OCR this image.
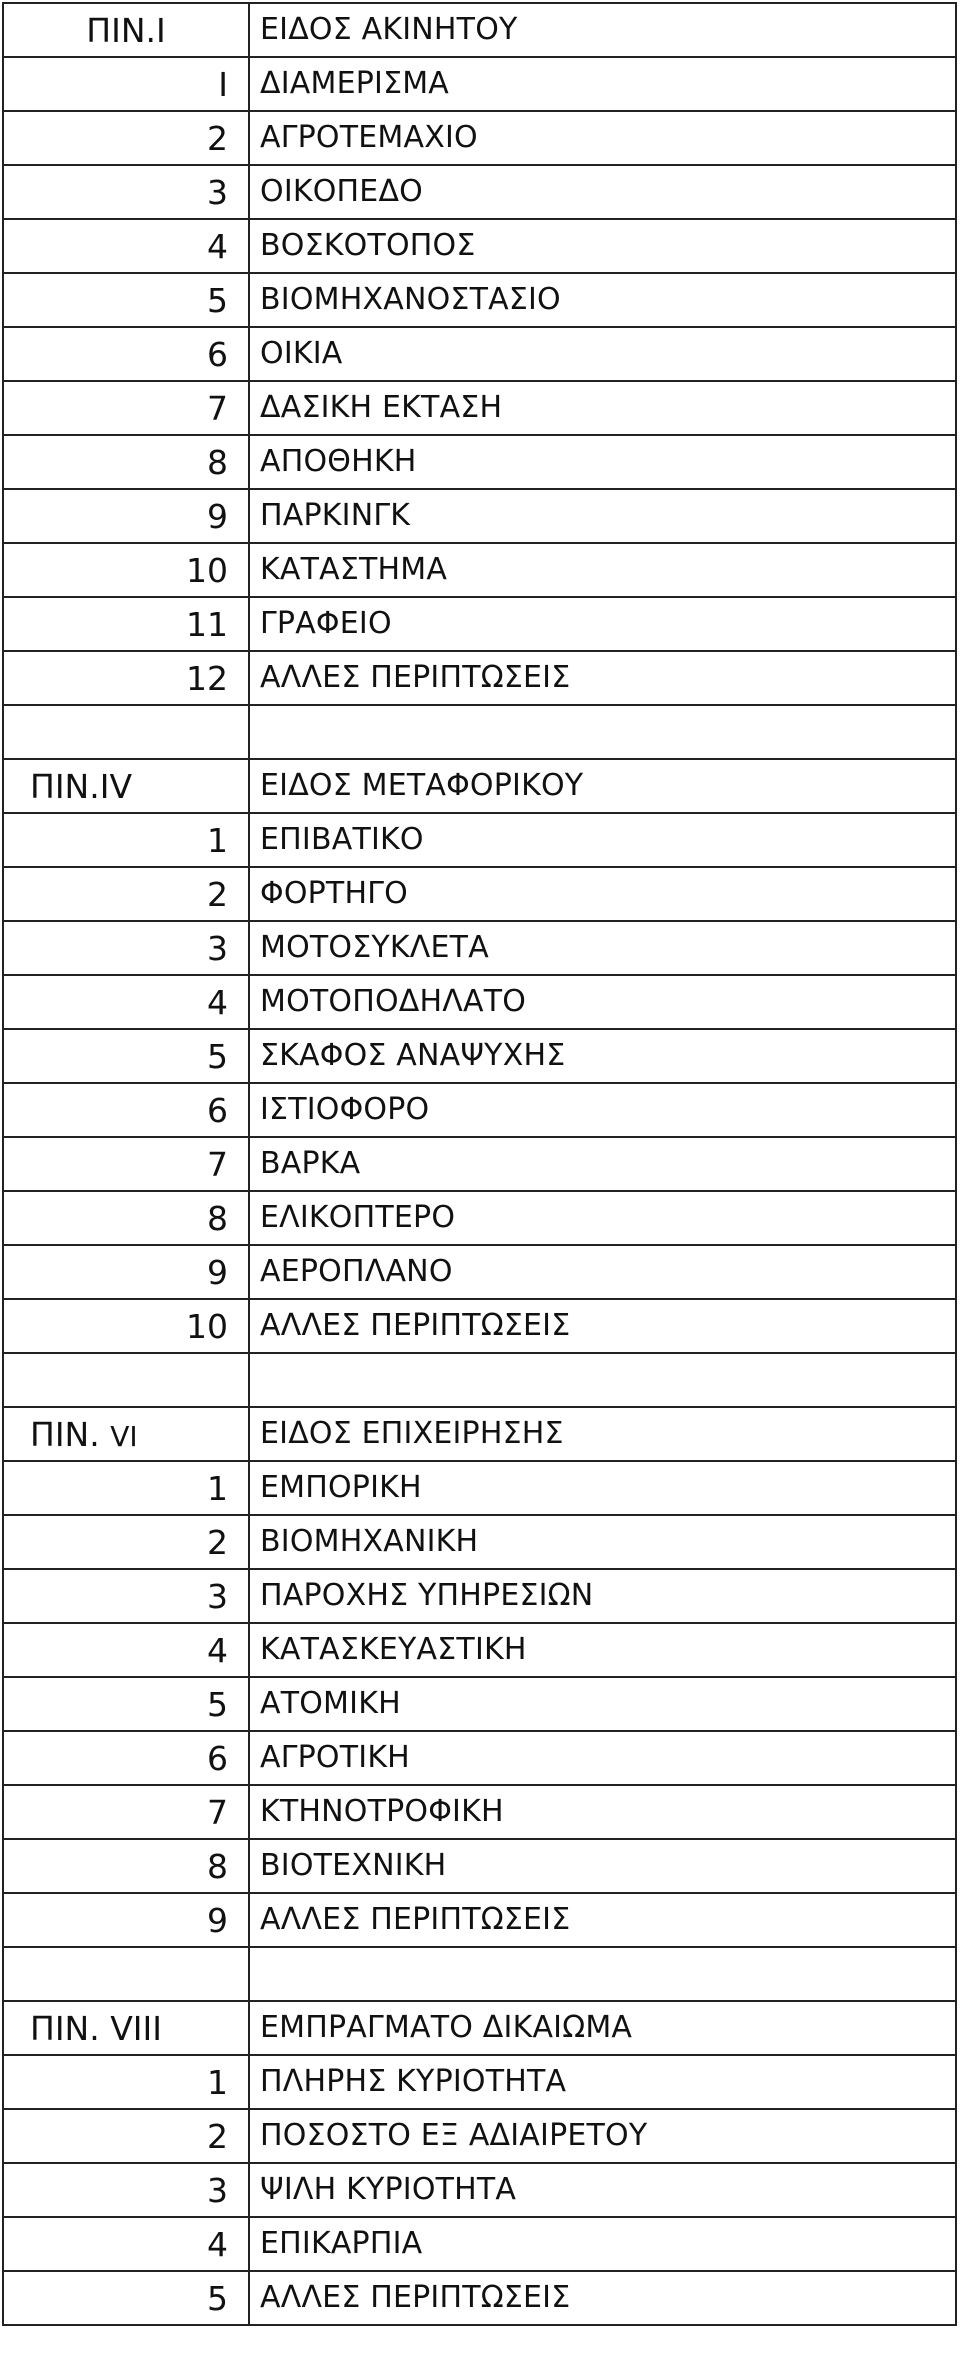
ΠΙΝ.I	ΕΙΔΟΣ ΑΚΙΝΗΤΟΥ
I	ΔΙΑΜΕΡΙΣΜΑ
2	ΑΓΡΟΤΕΜΑΧΙΟ
3	ΟΙΚΟΠΕΔΟ
4	ΒΟΣΚΟΤΟΠΟΣ
5	ΒΙΟΜΗΧΑΝΟΣΤΑΣΙΟ
6	ΟΙΚΙΑ
7	ΔΑΣΙΚΗ ΕΚΤΑΣΗ
8	ΑΠΟΘΗΚΗ
9	ΠΑΡΚΙΝΓΚ
10	ΚΑΤΑΣΤΗΜΑ
11	ΓΡΑΦΕΙΟ
12	ΑΛΛΕΣ ΠΕΡΙΠΤΩΣΕΙΣ

ΠΙΝ.IV	ΕΙΔΟΣ ΜΕΤΑΦΟΡΙΚΟΥ
1	ΕΠΙΒΑΤΙΚΟ
2	ΦΟΡΤΗΓΟ
3	ΜΟΤΟΣΥΚΛΕΤΑ
4	ΜΟΤΟΠΟΔΗΛΑΤΟ
5	ΣΚΑΦΟΣ ΑΝΑΨΥΧΗΣ
6	ΙΣΤΙΟΦΟΡΟ
7	ΒΑΡΚΑ
8	ΕΛΙΚΟΠΤΕΡΟ
9	ΑΕΡΟΠΛΑΝΟ
10	ΑΛΛΕΣ ΠΕΡΙΠΤΩΣΕΙΣ

ΠΙΝ. VI	ΕΙΔΟΣ ΕΠΙΧΕΙΡΗΣΗΣ
1	ΕΜΠΟΡΙΚΗ
2	ΒΙΟΜΗΧΑΝΙΚΗ
3	ΠΑΡΟΧΗΣ ΥΠΗΡΕΣΙΩΝ
4	ΚΑΤΑΣΚΕΥΑΣΤΙΚΗ
5	ΑΤΟΜΙΚΗ
6	ΑΓΡΟΤΙΚΗ
7	ΚΤΗΝΟΤΡΟΦΙΚΗ
8	ΒΙΟΤΕΧΝΙΚΗ
9	ΑΛΛΕΣ ΠΕΡΙΠΤΩΣΕΙΣ

ΠΙΝ. VIII	ΕΜΠΡΑΓΜΑΤΟ ΔΙΚΑΙΩΜΑ
1	ΠΛΗΡΗΣ ΚΥΡΙΟΤΗΤΑ
2	ΠΟΣΟΣΤΟ ΕΞ ΑΔΙΑΙΡΕΤΟΥ
3	ΨΙΛΗ ΚΥΡΙΟΤΗΤΑ
4	ΕΠΙΚΑΡΠΙΑ
5	ΑΛΛΕΣ ΠΕΡΙΠΤΩΣΕΙΣ
